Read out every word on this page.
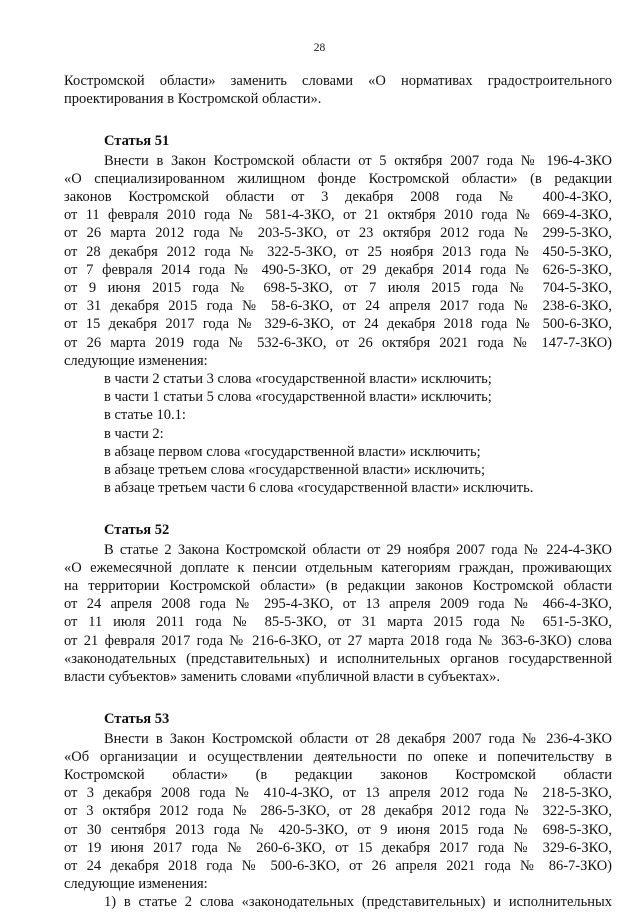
28

Костромской области» заменить словами «О нормативах градостроительного

проектирования в Костромской области».

Статья 51

Внести в Закон Костромской области от 5 октября 2007 года № 196-4-ЗКО

«О специализированном жилищном фонде Костромской области» (в редакции

законов Костромской области от 3 декабря 2008 года № 400-4-ЗКО,

от 11 февраля 2010 года № 581-4-ЗКО, от 21 октября 2010 года № 669-4-ЗКО,

от 26 марта 2012 года № 203-5-ЗКО, от 23 октября 2012 года № 299-5-ЗКО,

от 28 декабря 2012 года № 322-5-ЗКО, от 25 ноября 2013 года № 450-5-ЗКО,

от 7 февраля 2014 года № 490-5-ЗКО, от 29 декабря 2014 года № 626-5-ЗКО,

от 9 июня 2015 года № 698-5-ЗКО, от 7 июля 2015 года № 704-5-ЗКО,

от 31 декабря 2015 года № 58-6-ЗКО, от 24 апреля 2017 года № 238-6-ЗКО,

от 15 декабря 2017 года № 329-6-ЗКО, от 24 декабря 2018 года № 500-6-ЗКО,

от 26 марта 2019 года № 532-6-ЗКО, от 26 октября 2021 года № 147-7-ЗКО)

следующие изменения:

в части 2 статьи 3 слова «государственной власти» исключить;

в части 1 статьи 5 слова «государственной власти» исключить;

в статье 10.1:

в части 2:

в абзаце первом слова «государственной власти» исключить;

в абзаце третьем слова «государственной власти» исключить;

в абзаце третьем части 6 слова «государственной власти» исключить.

Статья 52

В статье 2 Закона Костромской области от 29 ноября 2007 года № 224-4-ЗКО

«О ежемесячной доплате к пенсии отдельным категориям граждан, проживающих

на территории Костромской области» (в редакции законов Костромской области

от 24 апреля 2008 года № 295-4-ЗКО, от 13 апреля 2009 года № 466-4-ЗКО,

от 11 июля 2011 года № 85-5-ЗКО, от 31 марта 2015 года № 651-5-ЗКО,

от 21 февраля 2017 года № 216-6-ЗКО, от 27 марта 2018 года № 363-6-ЗКО) слова

«законодательных (представительных) и исполнительных органов государственной

власти субъектов» заменить словами «публичной власти в субъектах».

Статья 53

Внести в Закон Костромской области от 28 декабря 2007 года № 236-4-ЗКО

«Об организации и осуществлении деятельности по опеке и попечительству в

Костромской области» (в редакции законов Костромской области

от 3 декабря 2008 года № 410-4-ЗКО, от 13 апреля 2012 года № 218-5-ЗКО,

от 3 октября 2012 года № 286-5-ЗКО, от 28 декабря 2012 года № 322-5-ЗКО,

от 30 сентября 2013 года № 420-5-ЗКО, от 9 июня 2015 года № 698-5-ЗКО,

от 19 июня 2017 года № 260-6-ЗКО, от 15 декабря 2017 года № 329-6-ЗКО,

от 24 декабря 2018 года № 500-6-ЗКО, от 26 апреля 2021 года № 86-7-ЗКО)

следующие изменения:

1) в статье 2 слова «законодательных (представительных) и исполнительных
